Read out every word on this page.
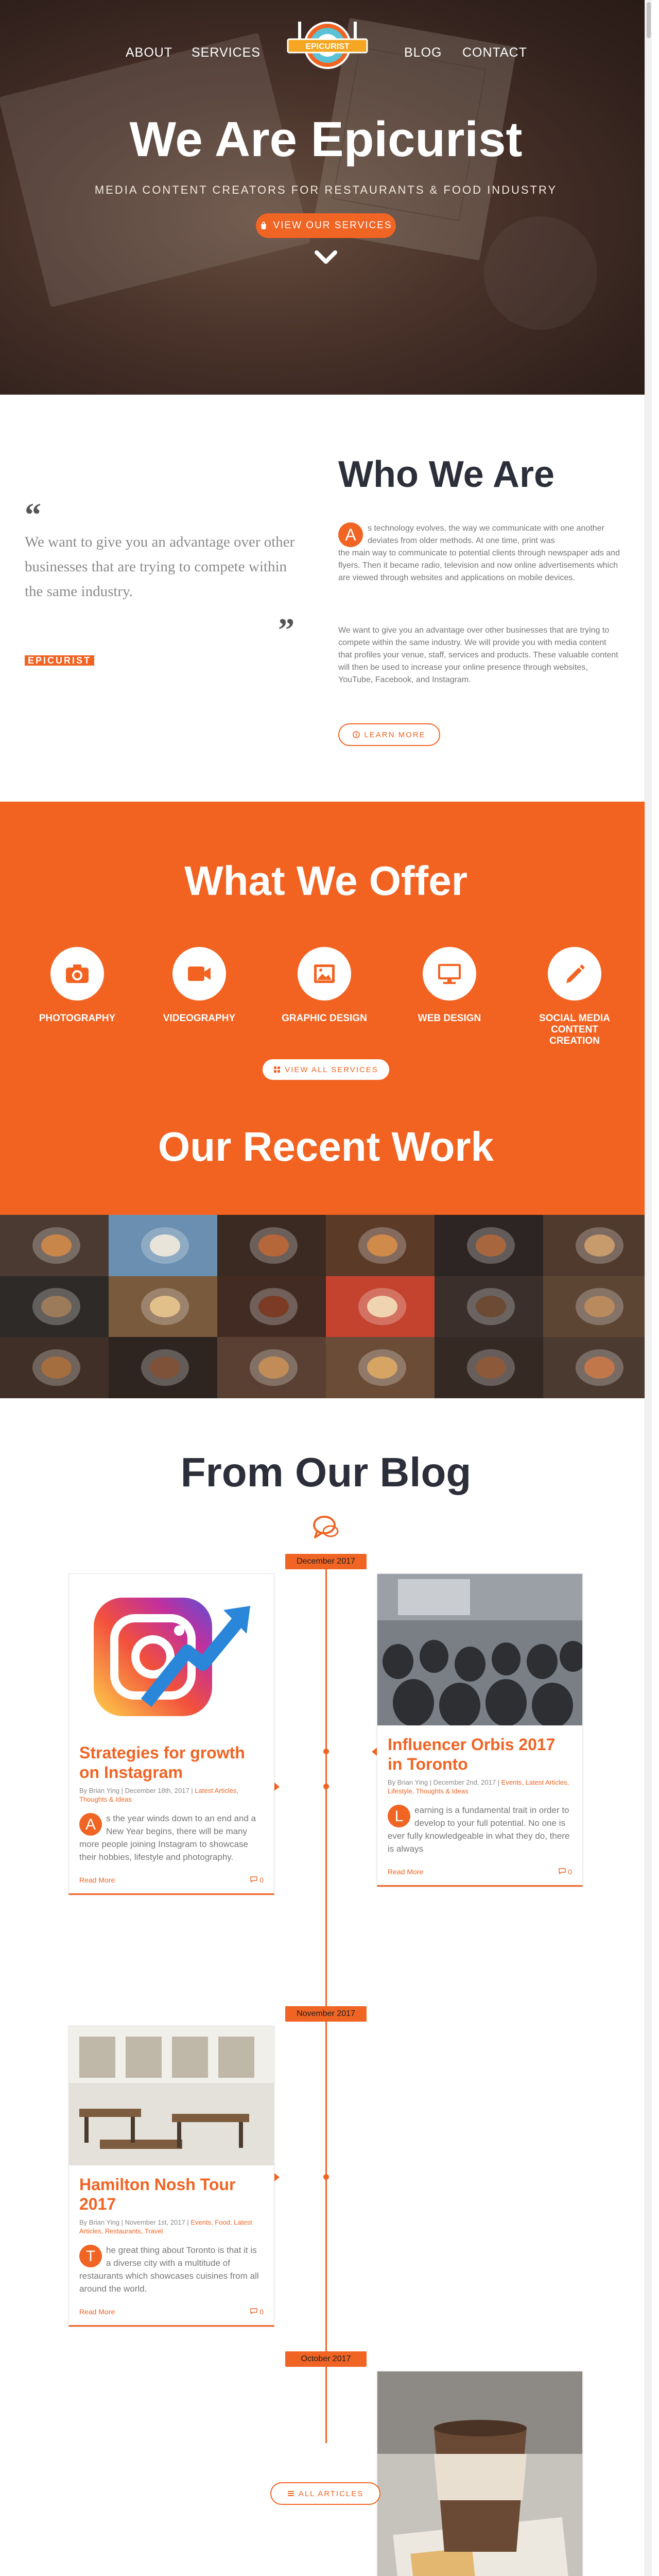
ABOUT SERVICES	BLOG CONTACT
EPICURIST
We Are Epicurist
MEDIA CONTENT CREATORS FOR RESTAURANTS & FOOD INDUSTRY
VIEW OUR SERVICES
“
”
We want to give you an advantage over other businesses that are trying to compete within the same industry.
EPICURIST
Who We Are
A	s technology evolves, the way we communicate with one another deviates from older methods. At one time, print was
the main way to communicate to potential clients through newspaper ads and flyers. Then it became radio, television and now online advertisements which are viewed through websites and applications on mobile devices.
We want to give you an advantage over other businesses that are trying to compete within the same industry. We will provide you with media content that profiles your venue, staff, services and products. These valuable content will then be used to increase your online presence through websites, YouTube, Facebook, and Instagram.
LEARN MORE
What We Offer
PHOTOGRAPHY	VIDEOGRAPHY	GRAPHIC DESIGN	WEB DESIGN	SOCIAL MEDIA CONTENT CREATION
VIEW ALL SERVICES
Our Recent Work
From Our Blog
December 2017
Strategies for growth on Instagram
By Brian Ying | December 18th, 2017 | Latest Articles, Thoughts & Ideas
A	s the year winds down to an end and a New Year begins, there will be many more people joining Instagram to showcase their hobbies, lifestyle and photography.
Read More	0
Influencer Orbis 2017 in Toronto
By Brian Ying | December 2nd, 2017 | Events, Latest Articles, Lifestyle, Thoughts & Ideas
L	earning is a fundamental trait in order to develop to your full potential. No one is ever fully knowledgeable in what they do, there is always
Read More	0
November 2017
Hamilton Nosh Tour 2017
By Brian Ying | November 1st, 2017 | Events, Food, Latest Articles, Restaurants, Travel
T	he great thing about Toronto is that it is a diverse city with a multitude of restaurants which showcases cuisines from all around the world.
Read More	0
October 2017
ALL ARTICLES
